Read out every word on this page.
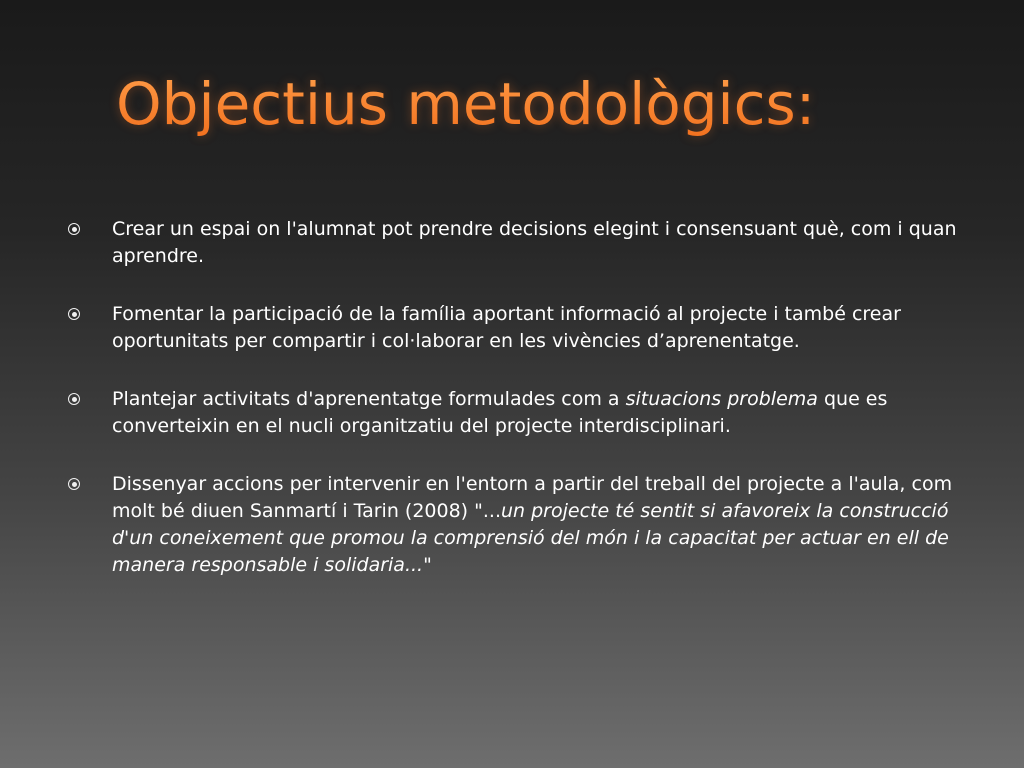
Objectius metodològics:

Crear un espai on l'alumnat pot prendre decisions elegint i consensuant què, com i quan aprendre.

Fomentar la participació de la família aportant informació al projecte i també crear oportunitats per compartir i col·laborar en les vivències d’aprenentatge.

Plantejar activitats d'aprenentatge formulades com a situacions problema que es converteixin en el nucli organitzatiu del projecte interdisciplinari.

Dissenyar accions per intervenir en l'entorn a partir del treball del projecte a l'aula, com molt bé diuen Sanmartí i Tarin (2008) "...un projecte té sentit si afavoreix la construcció d'un coneixement que promou la comprensió del món i la capacitat per actuar en ell de manera responsable i solidaria..."
